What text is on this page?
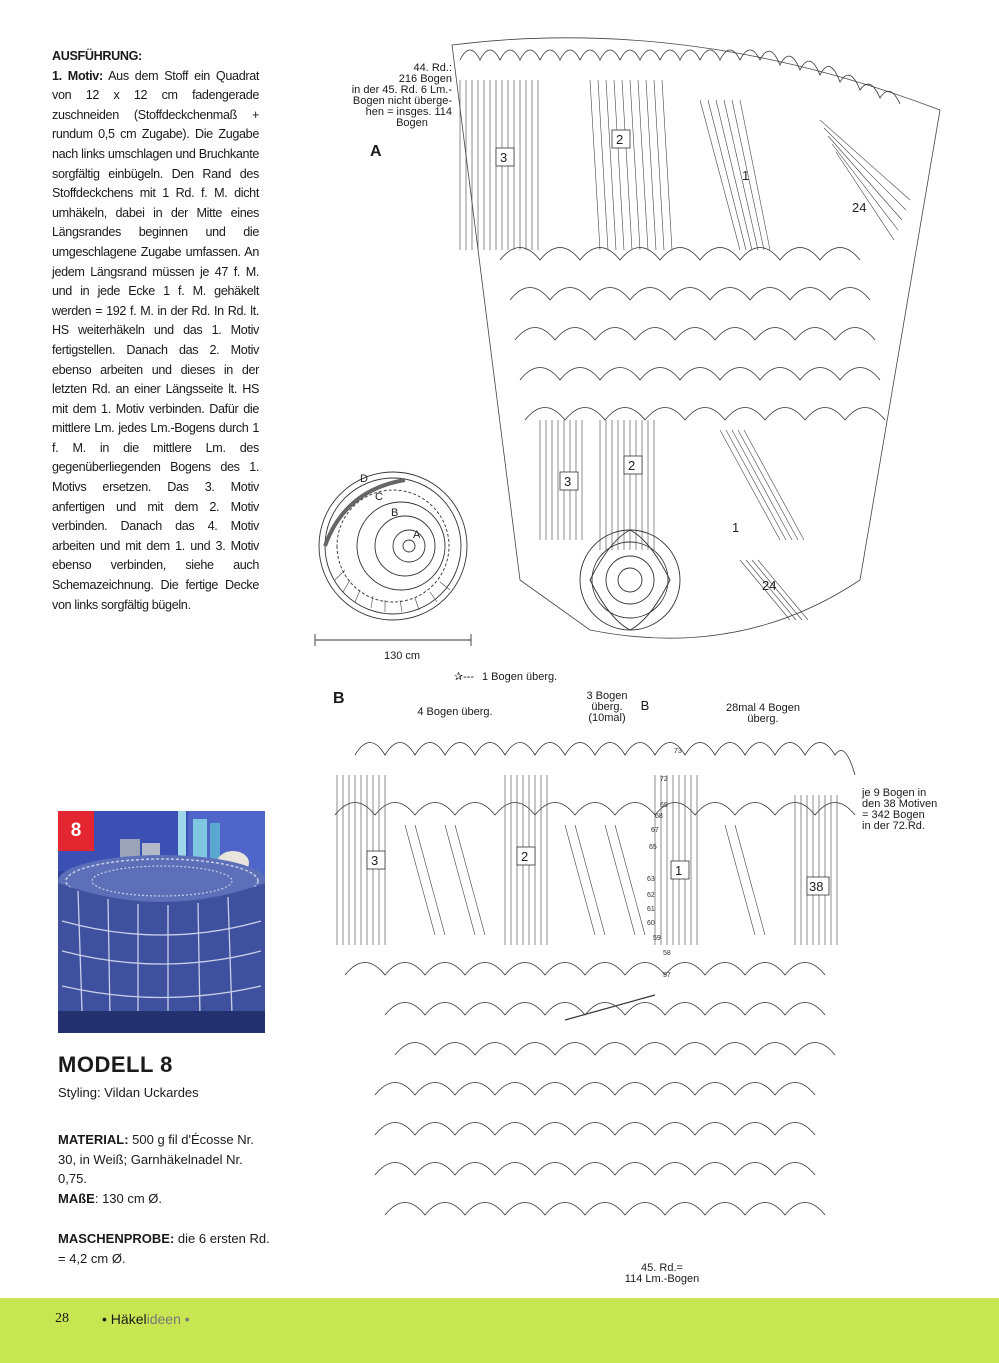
AUSFÜHRUNG:
1. Motiv: Aus dem Stoff ein Quadrat von 12 x 12 cm fadengerade zuschneiden (Stoffdeckchenmaß + rundum 0,5 cm Zugabe). Die Zugabe nach links umschlagen und Bruchkante sorgfältig einbügeln. Den Rand des Stoffdeckchens mit 1 Rd. f. M. dicht umhäkeln, dabei in der Mitte eines Längsrandes beginnen und die umgeschlagene Zugabe umfassen. An jedem Längsrand müssen je 47 f. M. und in jede Ecke 1 f. M. gehäkelt werden = 192 f. M. in der Rd. In Rd. lt. HS weiterhäkeln und das 1. Motiv fertigstellen. Danach das 2. Motiv ebenso arbeiten und dieses in der letzten Rd. an einer Längsseite lt. HS mit dem 1. Motiv verbinden. Dafür die mittlere Lm. jedes Lm.-Bogens durch 1 f. M. in die mittlere Lm. des gegenüberliegenden Bogens des 1. Motivs ersetzen. Das 3. Motiv anfertigen und mit dem 2. Motiv verbinden. Danach das 4. Motiv arbeiten und mit dem 1. und 3. Motiv ebenso verbinden, siehe auch Schemazeichnung. Die fertige Decke von links sorgfältig bügeln.
8
MODELL 8
Styling: Vildan Uckardes
MATERIAL: 500 g fil d'Écosse Nr. 30, in Weiß; Garnhäkelnadel Nr. 0,75.
MAßE: 130 cm Ø.
MASCHENPROBE: die 6 ersten Rd. = 4,2 cm Ø.
3
2
1
24
3
2
1
24
44. Rd.:
216 Bogen
in der 45. Rd. 6 Lm.-
Bogen nicht überge-
hen = insges. 114
Bogen
A
D
C
B
A
130 cm
✰--- 1 Bogen überg.
B
4 Bogen überg.
3 Bogen überg. (10mal)
B	28mal 4 Bogen überg.
je 9 Bogen in
den 38 Motiven
= 342 Bogen
in der 72.Rd.
3	2
1
38
73
72
69
68
67
65
63
62
61
60
59
58
57
45. Rd.=
114 Lm.-Bogen
28 • Häkelideen •
